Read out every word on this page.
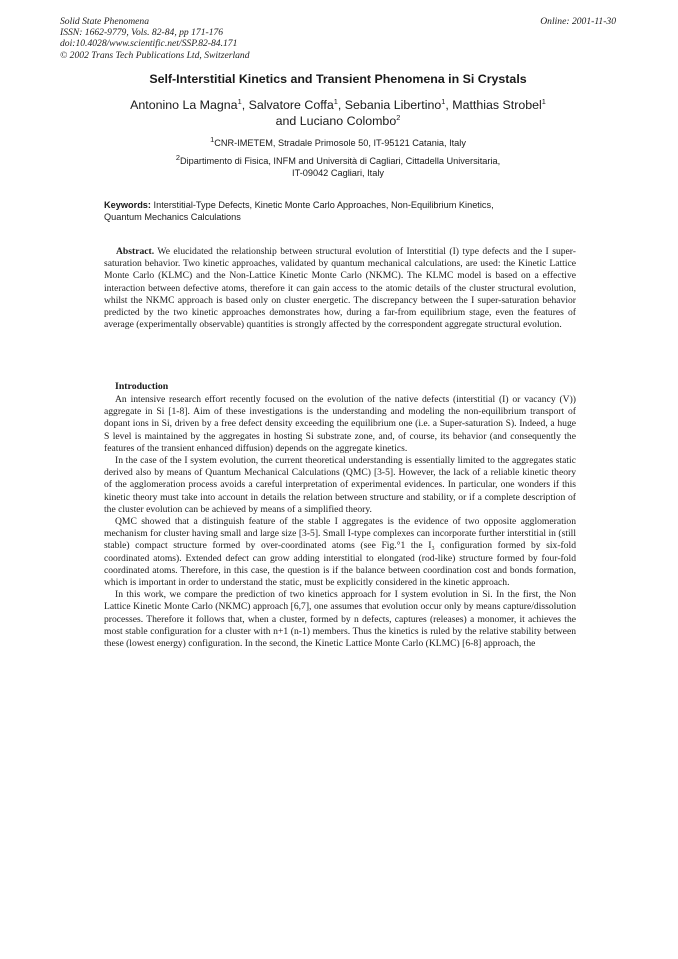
Solid State Phenomena
ISSN: 1662-9779, Vols. 82-84, pp 171-176
doi:10.4028/www.scientific.net/SSP.82-84.171
© 2002 Trans Tech Publications Ltd, Switzerland
Online: 2001-11-30
Self-Interstitial Kinetics and Transient Phenomena in Si Crystals
Antonino La Magna$^1$, Salvatore Coffa$^1$, Sebania Libertino$^1$, Matthias Strobel$^1$
and Luciano Colombo$^2$
$^1$CNR-IMETEM, Stradale Primosole 50, IT-95121 Catania, Italy
$^2$Dipartimento di Fisica, INFM and Università di Cagliari, Cittadella Universitaria,
IT-09042 Cagliari, Italy
Keywords: Interstitial-Type Defects, Kinetic Monte Carlo Approaches, Non-Equilibrium Kinetics,
Quantum Mechanics Calculations

Abstract. We elucidated the relationship between structural evolution of Interstitial (I) type defects and the I super-saturation behavior. Two kinetic approaches, validated by quantum mechanical calculations, are used: the Kinetic Lattice Monte Carlo (KLMC) and the Non-Lattice Kinetic Monte Carlo (NKMC). The KLMC model is based on a effective interaction between defective atoms, therefore it can gain access to the atomic details of the cluster structural evolution, whilst the NKMC approach is based only on cluster energetic. The discrepancy between the I super-saturation behavior predicted by the two kinetic approaches demonstrates how, during a far-from equilibrium stage, even the features of average (experimentally observable) quantities is strongly affected by the correspondent aggregate structural evolution.

Introduction

An intensive research effort recently focused on the evolution of the native defects (interstitial (I) or vacancy (V)) aggregate in Si [1-8]. Aim of these investigations is the understanding and modeling the non-equilibrium transport of dopant ions in Si, driven by a free defect density exceeding the equilibrium one (i.e. a Super-saturation S). Indeed, a huge S level is maintained by the aggregates in hosting Si substrate zone, and, of course, its behavior (and consequently the features of the transient enhanced diffusion) depends on the aggregate kinetics.

In the case of the I system evolution, the current theoretical understanding is essentially limited to the aggregates static derived also by means of Quantum Mechanical Calculations (QMC) [3-5]. However, the lack of a reliable kinetic theory of the agglomeration process avoids a careful interpretation of experimental evidences. In particular, one wonders if this kinetic theory must take into account in details the relation between structure and stability, or if a complete description of the cluster evolution can be achieved by means of a simplified theory.

QMC showed that a distinguish feature of the stable I aggregates is the evidence of two opposite agglomeration mechanism for cluster having small and large size [3-5]. Small I-type complexes can incorporate further interstitial in (still stable) compact structure formed by over-coordinated atoms (see Fig.°1 the I₃ configuration formed by six-fold coordinated atoms). Extended defect can grow adding interstitial to elongated (rod-like) structure formed by four-fold coordinated atoms. Therefore, in this case, the question is if the balance between coordination cost and bonds formation, which is important in order to understand the static, must be explicitly considered in the kinetic approach.

In this work, we compare the prediction of two kinetics approach for I system evolution in Si. In the first, the Non Lattice Kinetic Monte Carlo (NKMC) approach [6,7], one assumes that evolution occur only by means capture/dissolution processes. Therefore it follows that, when a cluster, formed by n defects, captures (releases) a monomer, it achieves the most stable configuration for a cluster with n+1 (n-1) members. Thus the kinetics is ruled by the relative stability between these (lowest energy) configuration. In the second, the Kinetic Lattice Monte Carlo (KLMC) [6-8] approach, the
